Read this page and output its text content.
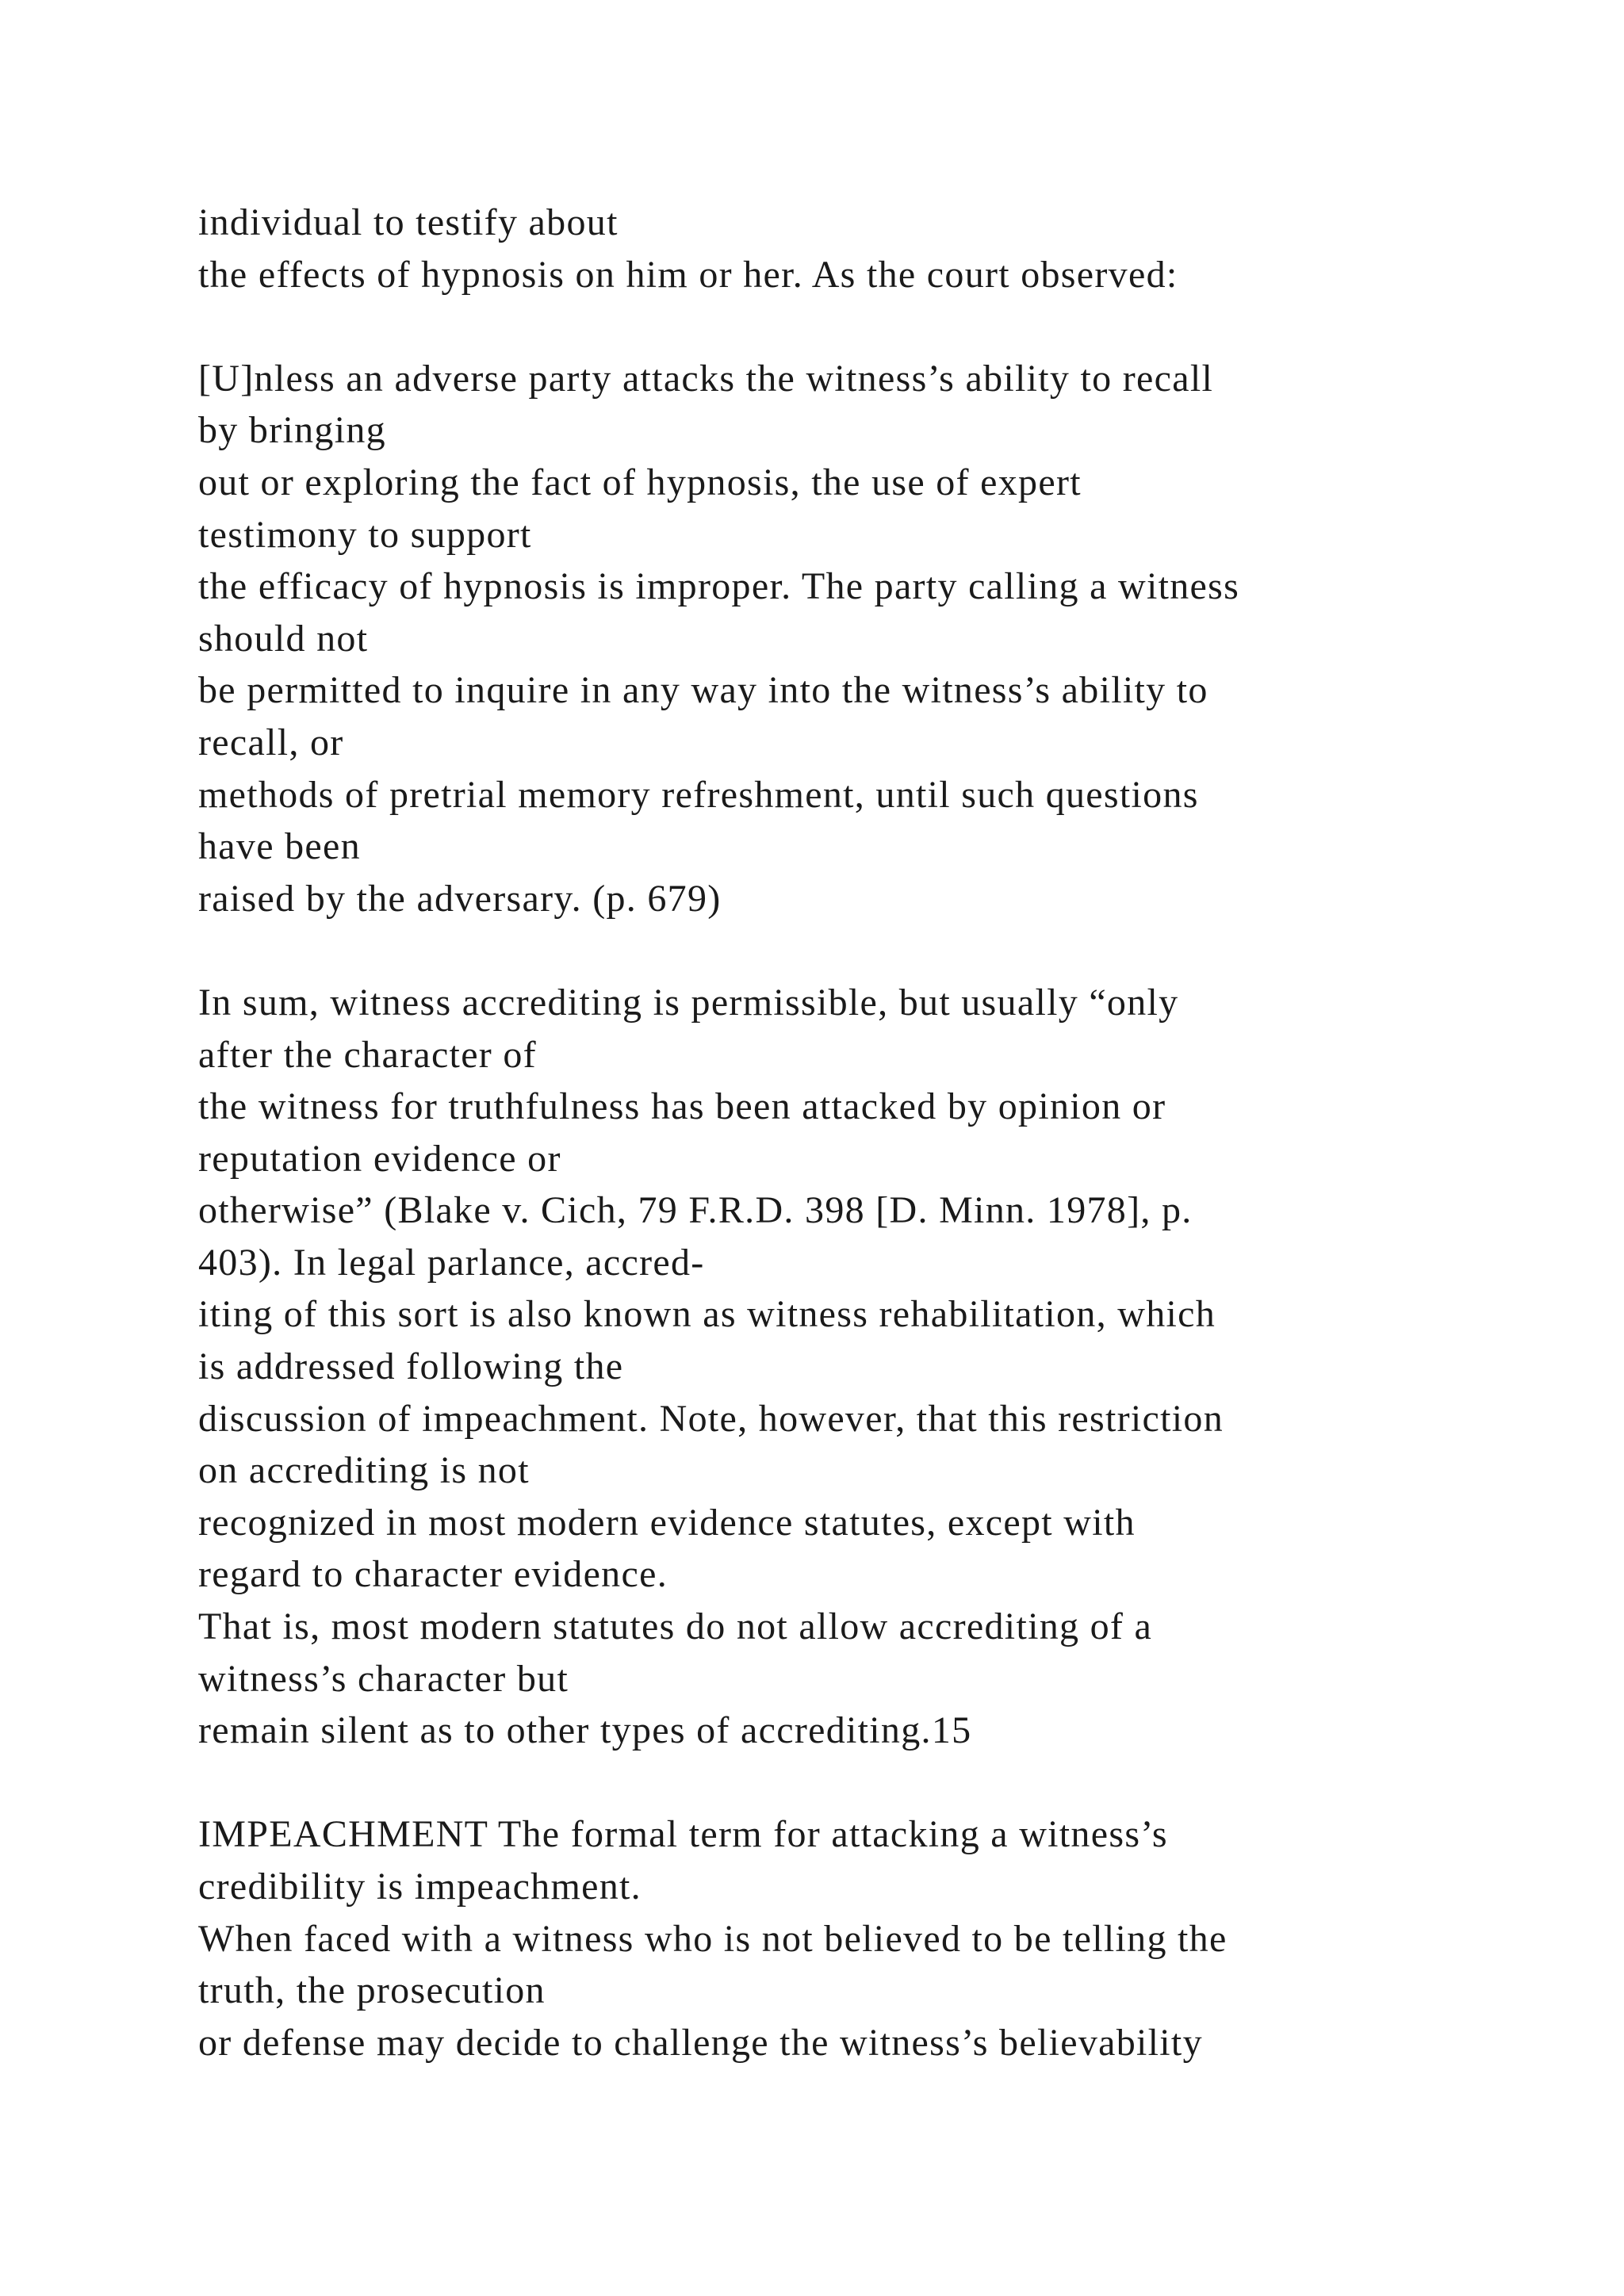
individual to testify about
the effects of hypnosis on him or her. As the court observed:
[U]nless an adverse party attacks the witness’s ability to recall
by bringing
out or exploring the fact of hypnosis, the use of expert
testimony to support
the efficacy of hypnosis is improper. The party calling a witness
should not
be permitted to inquire in any way into the witness’s ability to
recall, or
methods of pretrial memory refreshment, until such questions
have been
raised by the adversary. (p. 679)
In sum, witness accrediting is permissible, but usually “only
after the character of
the witness for truthfulness has been attacked by opinion or
reputation evidence or
otherwise” (Blake v. Cich, 79 F.R.D. 398 [D. Minn. 1978], p.
403). In legal parlance, accred-
iting of this sort is also known as witness rehabilitation, which
is addressed following the
discussion of impeachment. Note, however, that this restriction
on accrediting is not
recognized in most modern evidence statutes, except with
regard to character evidence.
That is, most modern statutes do not allow accrediting of a
witness’s character but
remain silent as to other types of accrediting.15
IMPEACHMENT The formal term for attacking a witness’s
credibility is impeachment.
When faced with a witness who is not believed to be telling the
truth, the prosecution
or defense may decide to challenge the witness’s believability
